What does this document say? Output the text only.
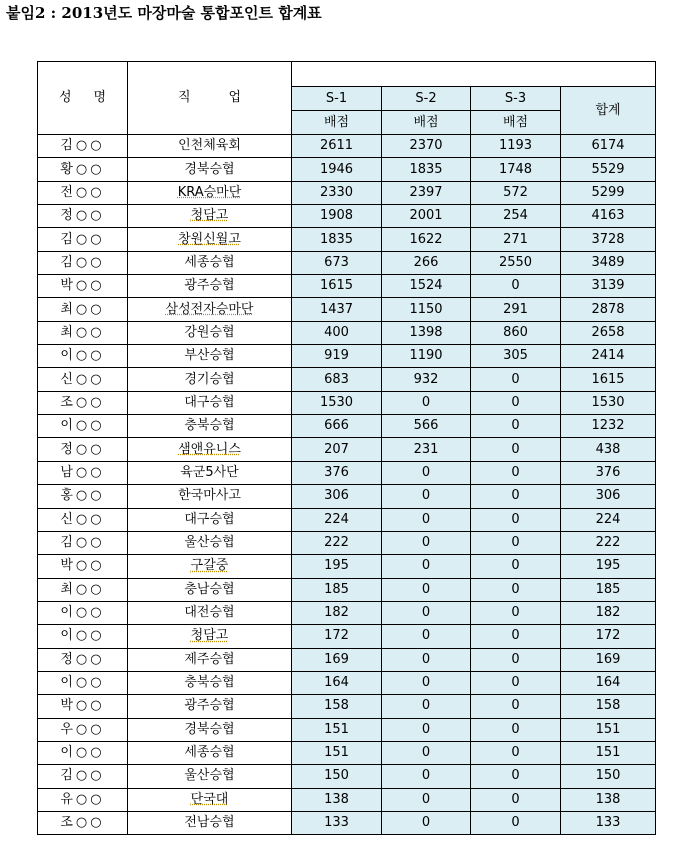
붙임2 : 2013년도 마장마술 통합포인트 합계표
성 명	직 업				
		S-1	S-2	S-3	합계
		배점	배점	배점	
김○○	인천체육회	2611	2370	1193	6174
황○○	경북승협	1946	1835	1748	5529
전○○	KRA승마단	2330	2397	572	5299
정○○	청담고	1908	2001	254	4163
김○○	창원신월고	1835	1622	271	3728
김○○	세종승협	673	266	2550	3489
박○○	광주승협	1615	1524	0	3139
최○○	삼성전자승마단	1437	1150	291	2878
최○○	강원승협	400	1398	860	2658
이○○	부산승협	919	1190	305	2414
신○○	경기승협	683	932	0	1615
조○○	대구승협	1530	0	0	1530
이○○	충북승협	666	566	0	1232
정○○	샘앤유니스	207	231	0	438
남○○	육군5사단	376	0	0	376
홍○○	한국마사고	306	0	0	306
신○○	대구승협	224	0	0	224
김○○	울산승협	222	0	0	222
박○○	구갈중	195	0	0	195
최○○	충남승협	185	0	0	185
이○○	대전승협	182	0	0	182
이○○	청담고	172	0	0	172
정○○	제주승협	169	0	0	169
이○○	충북승협	164	0	0	164
박○○	광주승협	158	0	0	158
우○○	경북승협	151	0	0	151
이○○	세종승협	151	0	0	151
김○○	울산승협	150	0	0	150
유○○	단국대	138	0	0	138
조○○	전남승협	133	0	0	133
